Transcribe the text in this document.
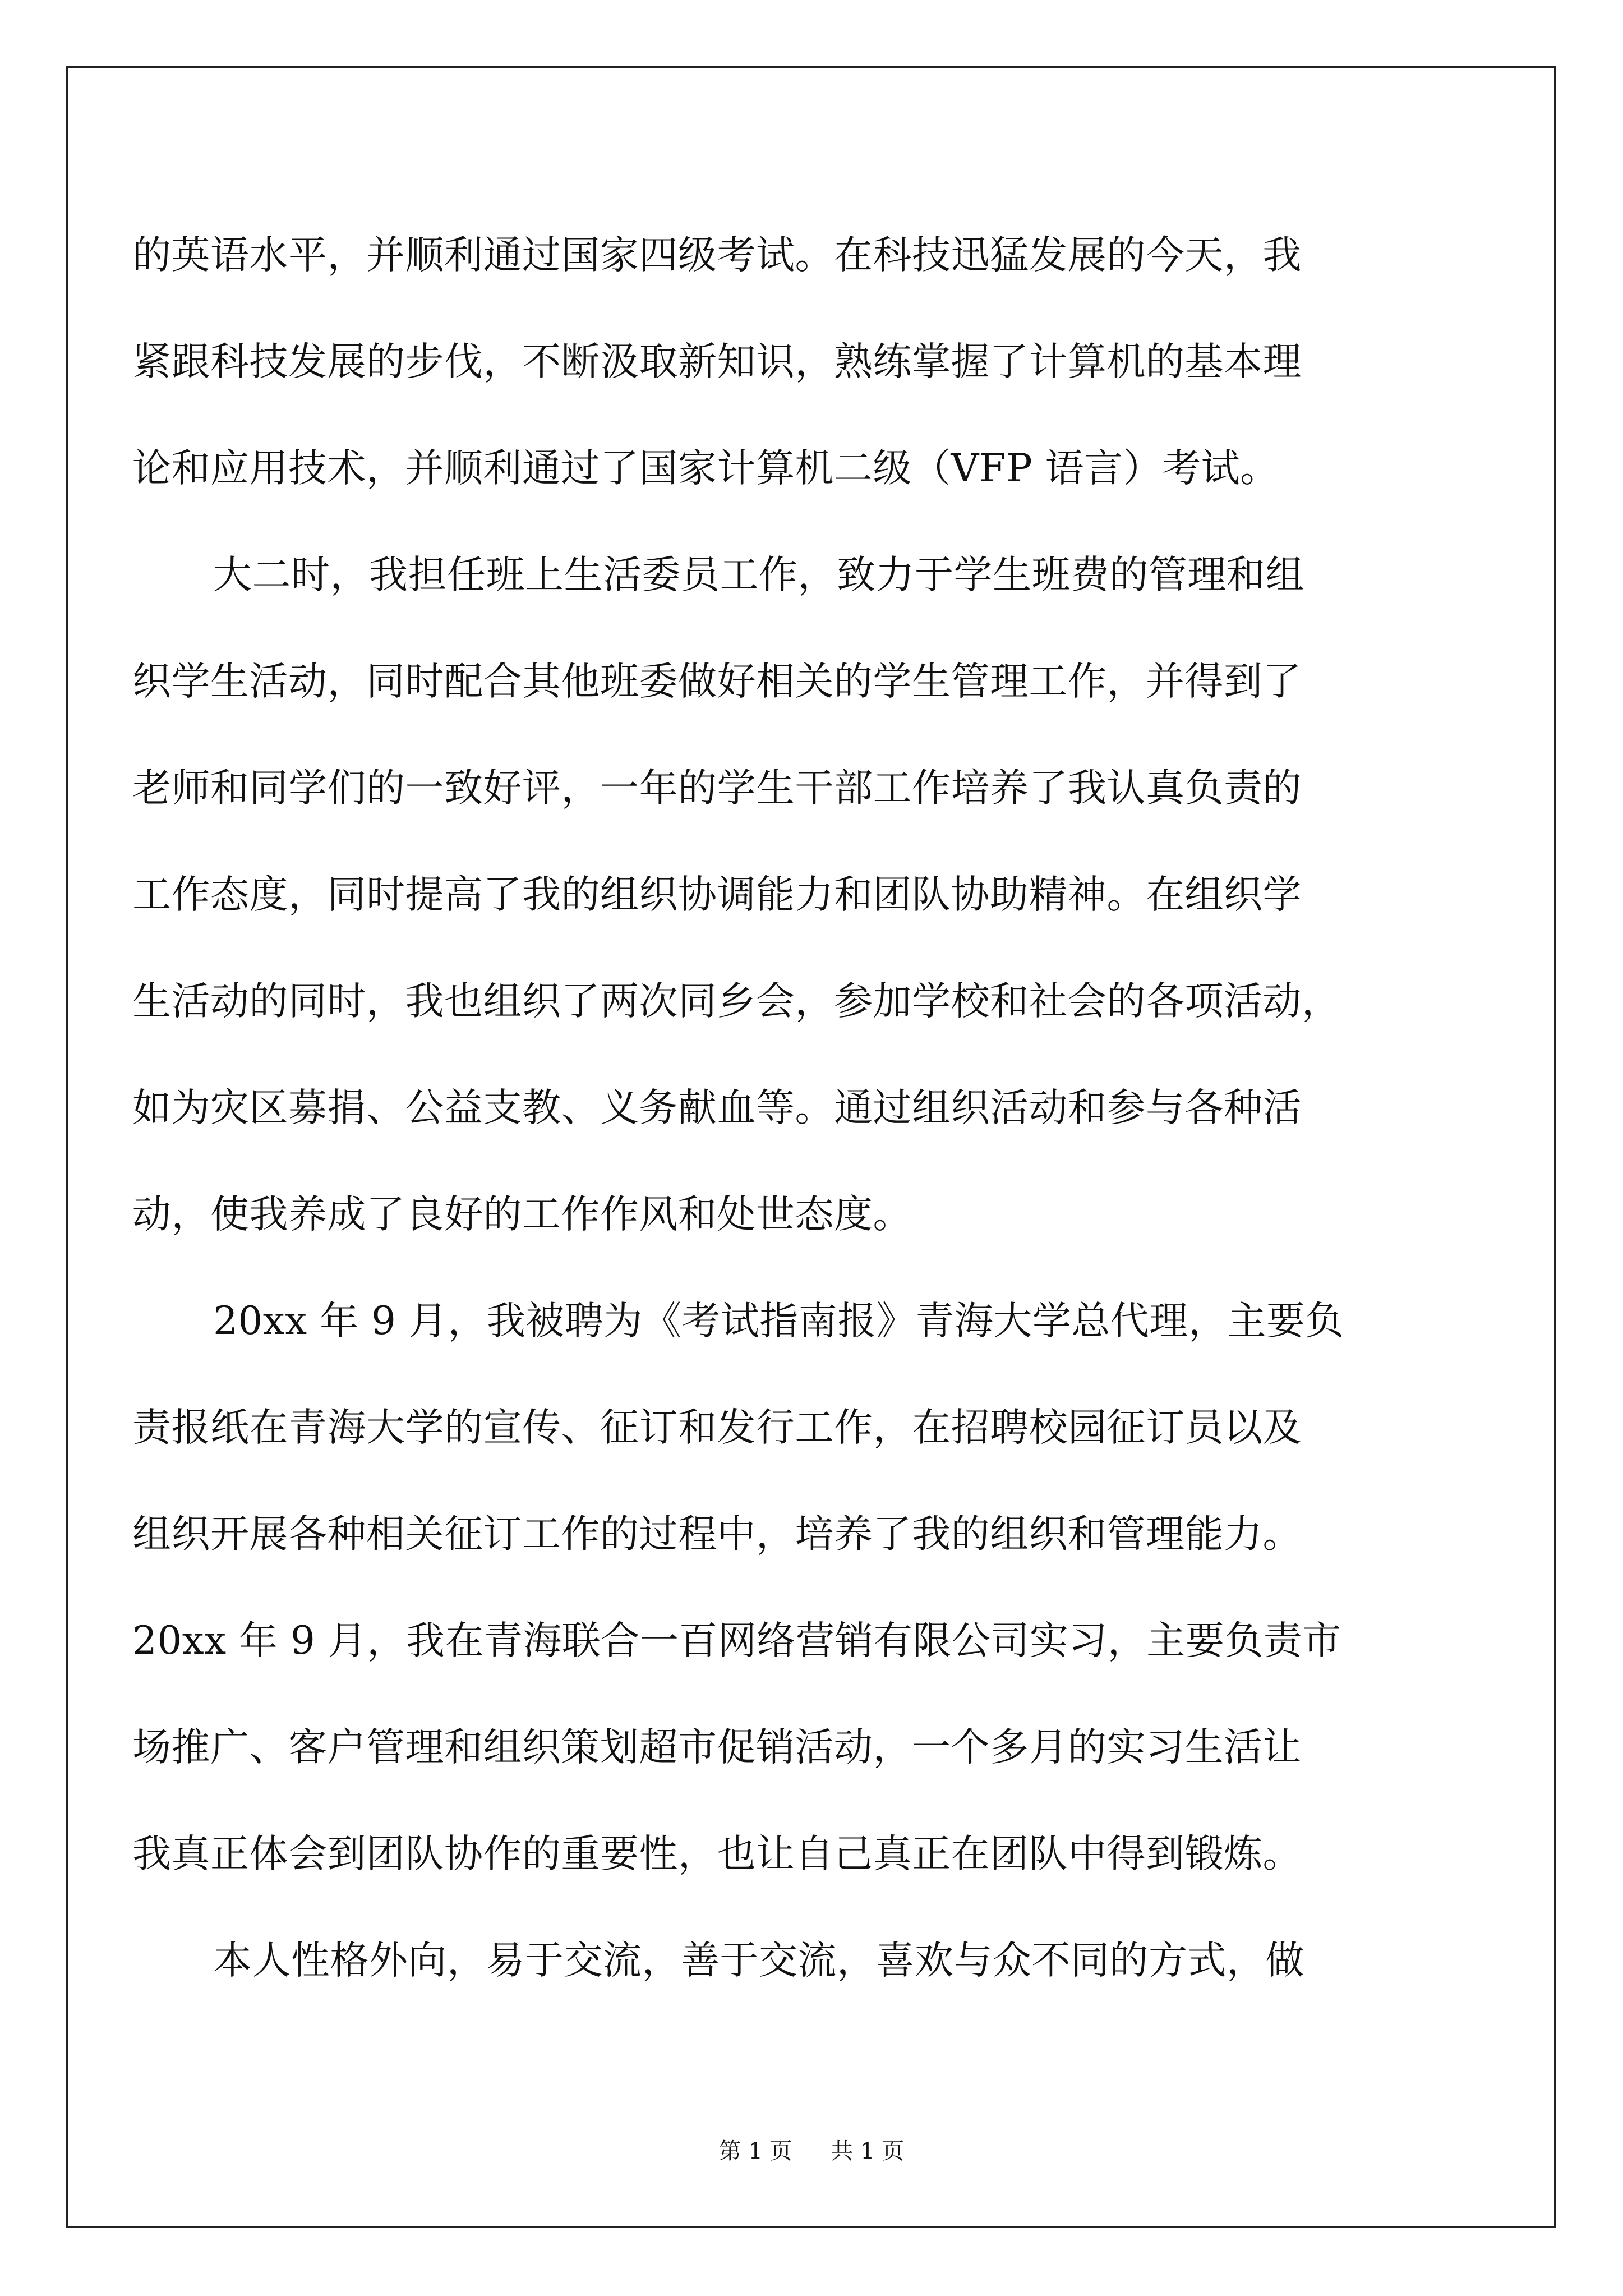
的英语水平，并顺利通过国家四级考试。在科技迅猛发展的今天，我
紧跟科技发展的步伐，不断汲取新知识，熟练掌握了计算机的基本理
论和应用技术，并顺利通过了国家计算机二级（VFP 语言）考试。
大二时，我担任班上生活委员工作，致力于学生班费的管理和组
织学生活动，同时配合其他班委做好相关的学生管理工作，并得到了
老师和同学们的一致好评，一年的学生干部工作培养了我认真负责的
工作态度，同时提高了我的组织协调能力和团队协助精神。在组织学
生活动的同时，我也组织了两次同乡会，参加学校和社会的各项活动，
如为灾区募捐、公益支教、义务献血等。通过组织活动和参与各种活
动，使我养成了良好的工作作风和处世态度。
20xx 年 9 月，我被聘为《考试指南报》青海大学总代理，主要负
责报纸在青海大学的宣传、征订和发行工作，在招聘校园征订员以及
组织开展各种相关征订工作的过程中，培养了我的组织和管理能力。
20xx 年 9 月，我在青海联合一百网络营销有限公司实习，主要负责市
场推广、客户管理和组织策划超市促销活动，一个多月的实习生活让
我真正体会到团队协作的重要性，也让自己真正在团队中得到锻炼。
本人性格外向，易于交流，善于交流，喜欢与众不同的方式，做
第 1 页 共 1 页
